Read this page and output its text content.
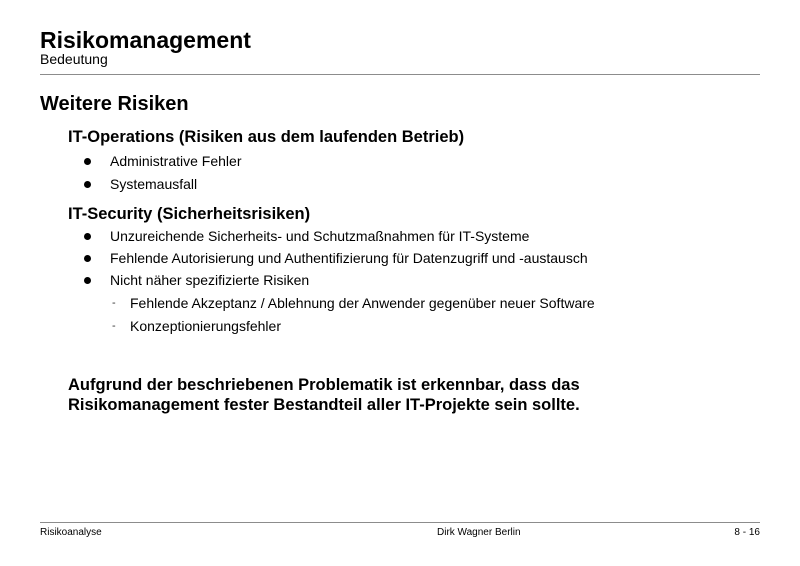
Risikomanagement
Bedeutung
Weitere Risiken
IT-Operations (Risiken aus dem laufenden Betrieb)
Administrative Fehler
Systemausfall
IT-Security (Sicherheitsrisiken)
Unzureichende Sicherheits- und Schutzmaßnahmen für IT-Systeme
Fehlende Autorisierung und Authentifizierung für Datenzugriff und -austausch
Nicht näher spezifizierte Risiken
- Fehlende Akzeptanz / Ablehnung der Anwender gegenüber neuer Software
- Konzeptionierungsfehler
Aufgrund der beschriebenen Problematik ist erkennbar, dass das
Risikomanagement fester Bestandteil aller IT-Projekte sein sollte.
Risikoanalyse	Dirk Wagner Berlin	8 - 16
